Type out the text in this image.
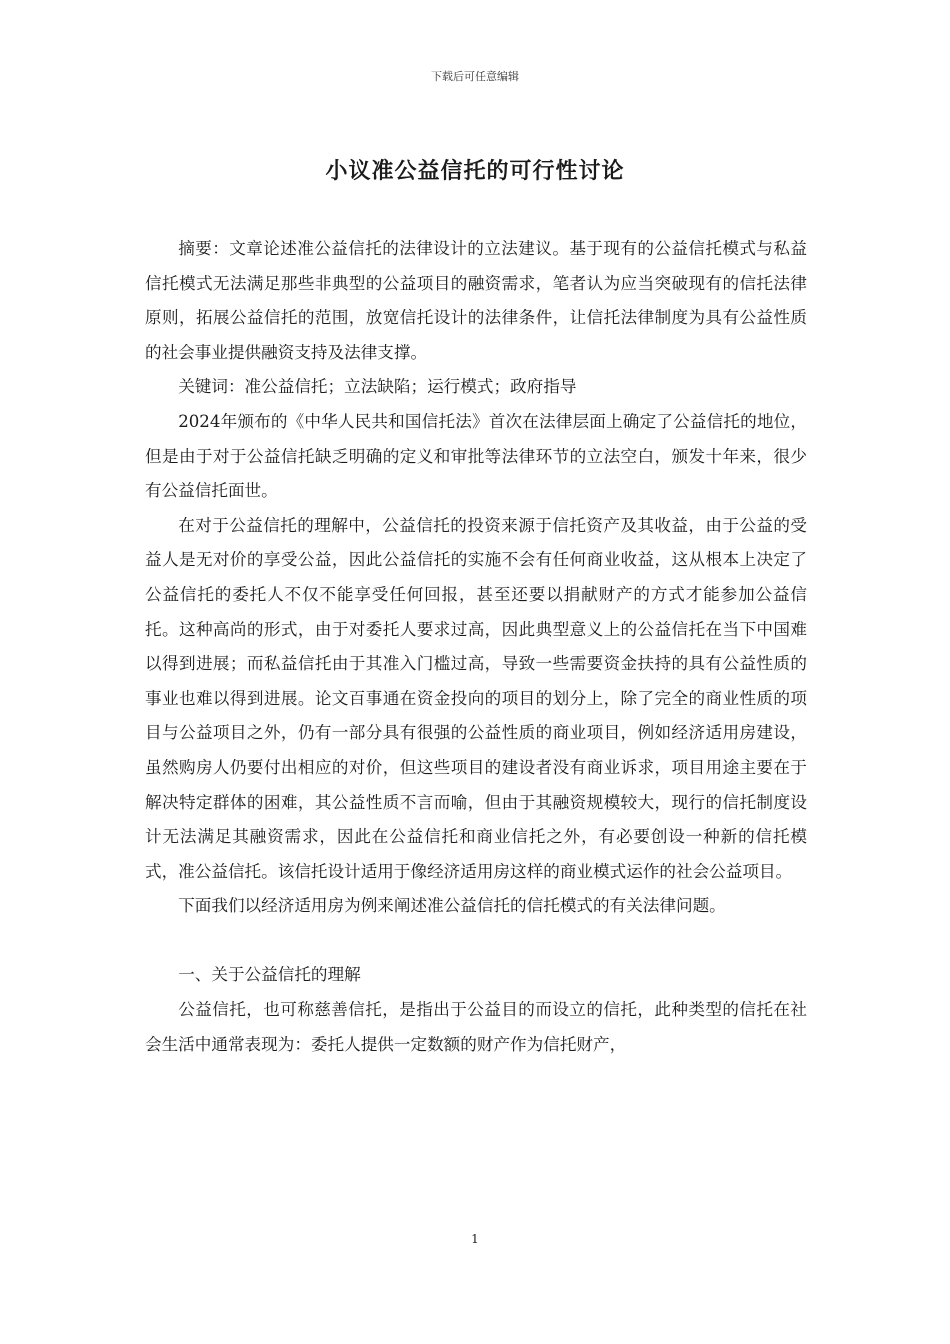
下载后可任意编辑
小议准公益信托的可行性讨论

摘要：文章论述准公益信托的法律设计的立法建议。基于现有的公益信托模式与私益信托模式无法满足那些非典型的公益项目的融资需求，笔者认为应当突破现有的信托法律原则，拓展公益信托的范围，放宽信托设计的法律条件，让信托法律制度为具有公益性质的社会事业提供融资支持及法律支撑。

关键词：准公益信托；立法缺陷；运行模式；政府指导

2024年颁布的《中华人民共和国信托法》首次在法律层面上确定了公益信托的地位，但是由于对于公益信托缺乏明确的定义和审批等法律环节的立法空白，颁发十年来，很少有公益信托面世。

在对于公益信托的理解中，公益信托的投资来源于信托资产及其收益，由于公益的受益人是无对价的享受公益，因此公益信托的实施不会有任何商业收益，这从根本上决定了公益信托的委托人不仅不能享受任何回报，甚至还要以捐献财产的方式才能参加公益信托。这种高尚的形式，由于对委托人要求过高，因此典型意义上的公益信托在当下中国难以得到进展；而私益信托由于其准入门槛过高，导致一些需要资金扶持的具有公益性质的事业也难以得到进展。论文百事通在资金投向的项目的划分上，除了完全的商业性质的项目与公益项目之外，仍有一部分具有很强的公益性质的商业项目，例如经济适用房建设，虽然购房人仍要付出相应的对价，但这些项目的建设者没有商业诉求，项目用途主要在于解决特定群体的困难，其公益性质不言而喻，但由于其融资规模较大，现行的信托制度设计无法满足其融资需求，因此在公益信托和商业信托之外，有必要创设一种新的信托模式，准公益信托。该信托设计适用于像经济适用房这样的商业模式运作的社会公益项目。

下面我们以经济适用房为例来阐述准公益信托的信托模式的有关法律问题。

一、关于公益信托的理解

公益信托，也可称慈善信托，是指出于公益目的而设立的信托，此种类型的信托在社会生活中通常表现为：委托人提供一定数额的财产作为信托财产，

1
